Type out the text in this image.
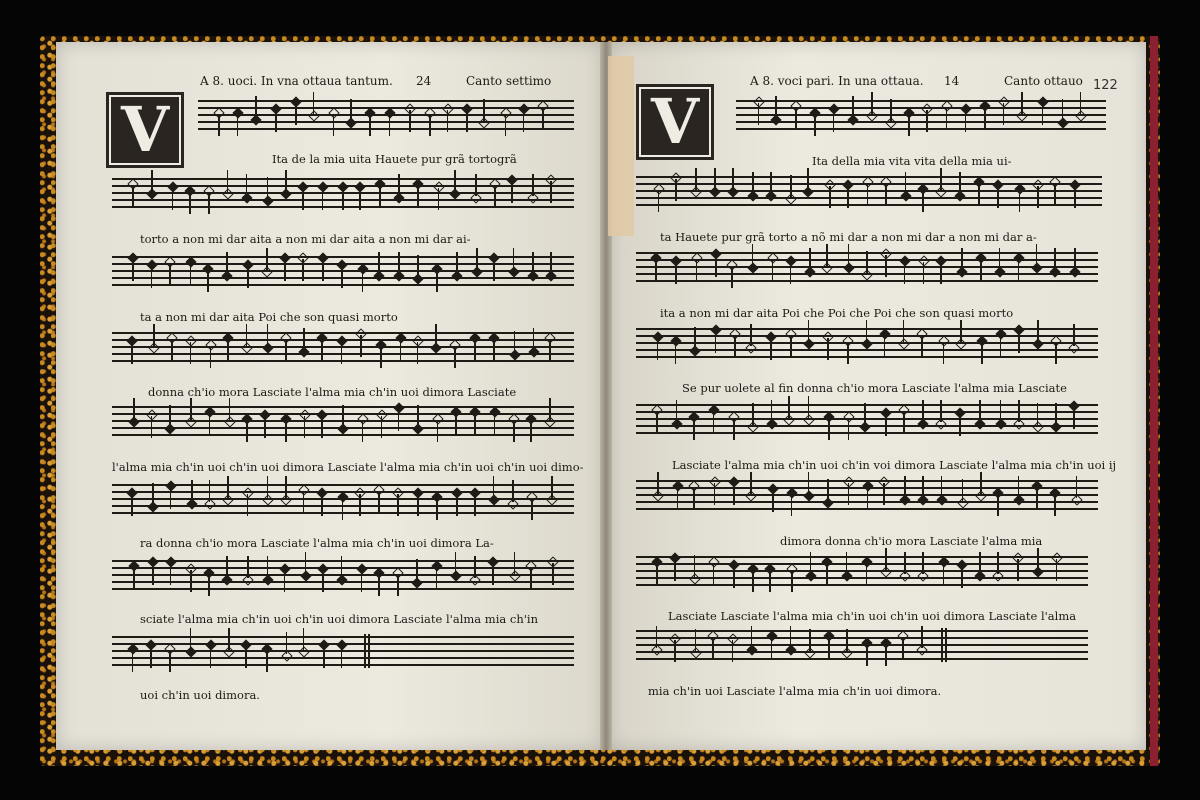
A 8. uoci. In vna ottaua tantum. 24	Canto settimo	A 8. voci pari. In una ottaua. 14	Canto ottauo 122
V	V
Ita de la mia uita Hauete pur grã tortogrã
torto a non mi dar aita a non mi dar aita a non mi dar ai-
ta a non mi dar aita Poi che son quasi morto
donna ch'io mora Lasciate l'alma mia ch'in uoi dimora Lasciate
l'alma mia ch'in uoi ch'in uoi dimora Lasciate l'alma mia ch'in uoi ch'in uoi dimo-
ra donna ch'io mora Lasciate l'alma mia ch'in uoi dimora La-
sciate l'alma mia ch'in uoi ch'in uoi dimora Lasciate l'alma mia ch'in
uoi ch'in uoi dimora.
Ita della mia vita vita della mia ui-
ta Hauete pur grã torto a nõ mi dar a non mi dar a non mi dar a-
ita a non mi dar aita Poi che Poi che Poi che son quasi morto
Se pur uolete al fin donna ch'io mora Lasciate l'alma mia Lasciate
Lasciate l'alma mia ch'in uoi ch'in voi dimora Lasciate l'alma mia ch'in uoi ij
dimora donna ch'io mora Lasciate l'alma mia
Lasciate Lasciate l'alma mia ch'in uoi ch'in uoi dimora Lasciate l'alma
mia ch'in uoi Lasciate l'alma mia ch'in uoi dimora.
